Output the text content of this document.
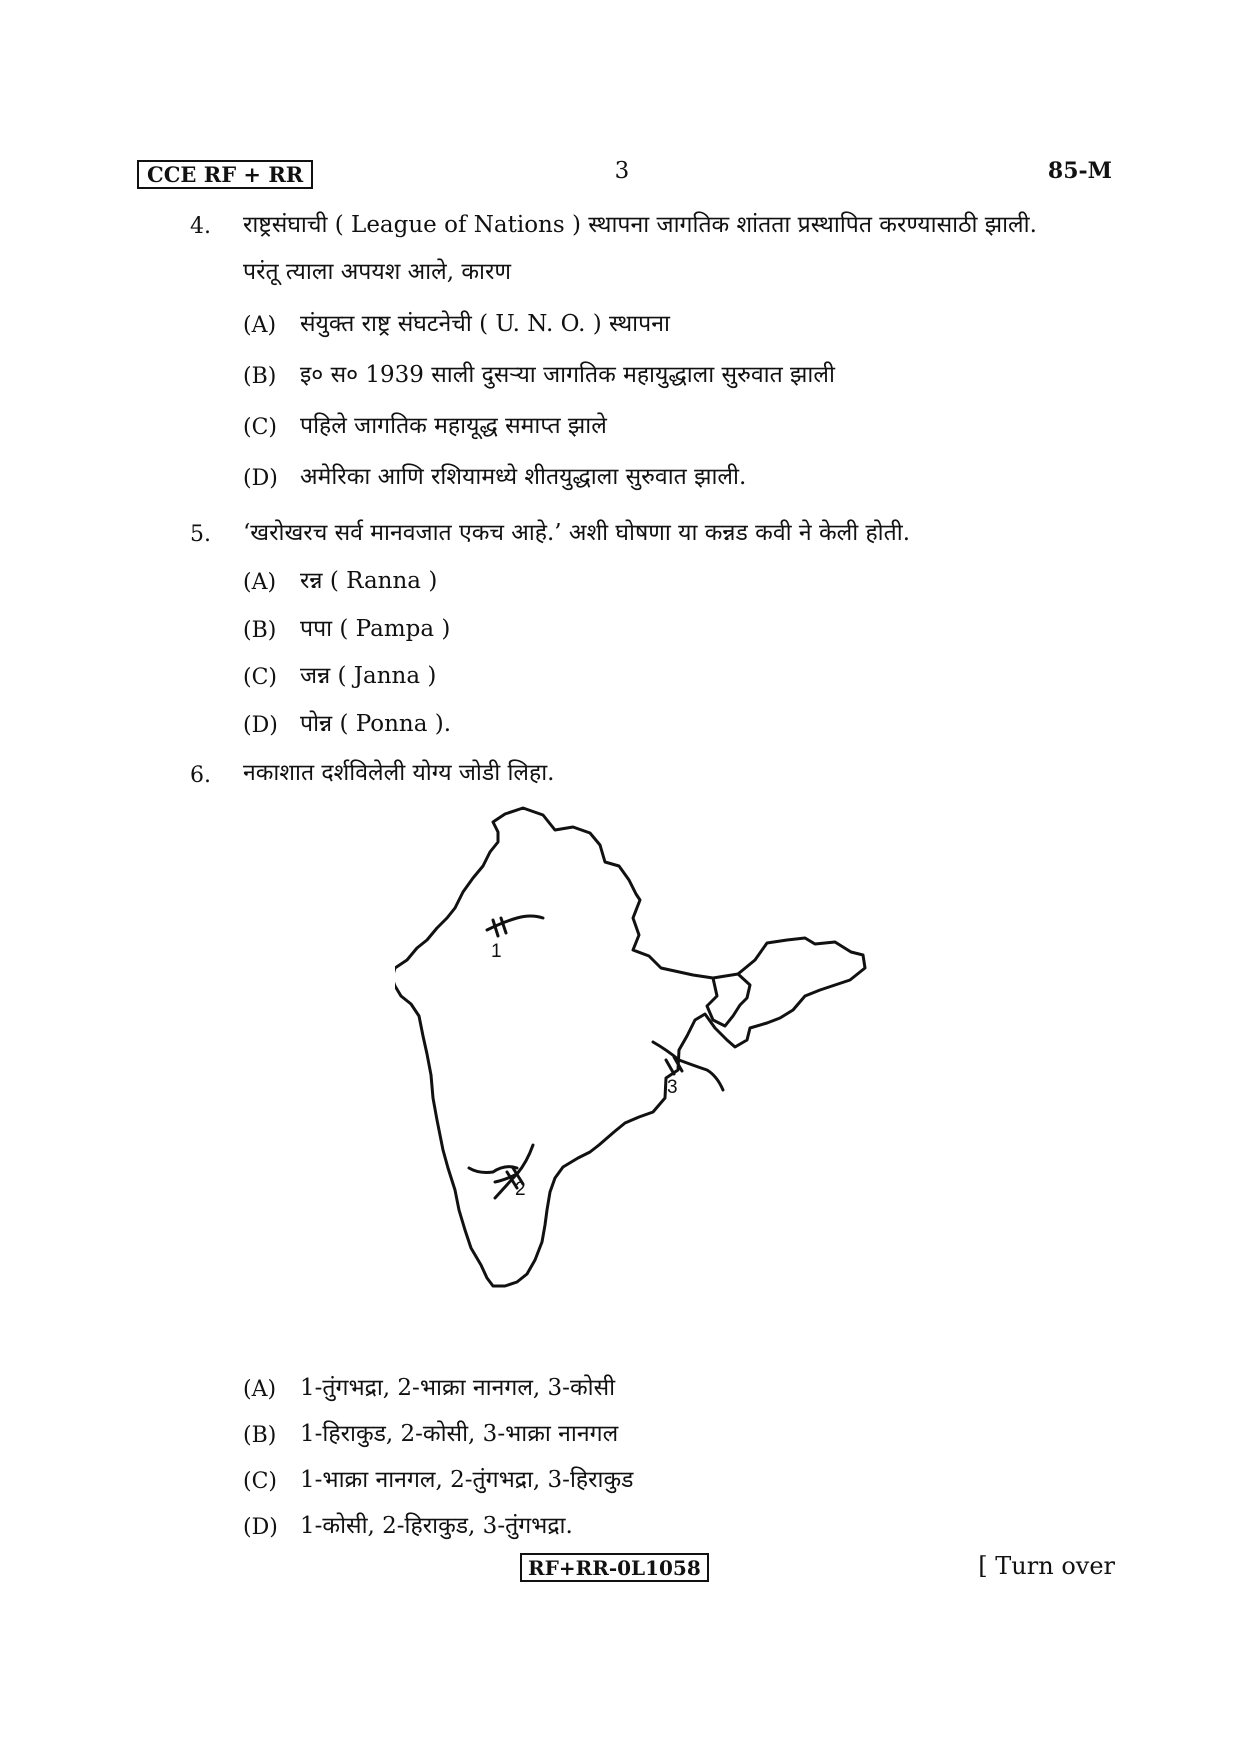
CCE RF + RR	3	85-M
4. राष्ट्रसंघाची ( League of Nations ) स्थापना जागतिक शांतता प्रस्थापित करण्यासाठी झाली.
परंतू त्याला अपयश आले, कारण
(A) संयुक्त राष्ट्र संघटनेची ( U. N. O. ) स्थापना
(B) इ० स० 1939 साली दुसऱ्या जागतिक महायुद्धाला सुरुवात झाली
(C) पहिले जागतिक महायूद्ध समाप्त झाले
(D) अमेरिका आणि रशियामध्ये शीतयुद्धाला सुरुवात झाली.
5. ‘खरोखरच सर्व मानवजात एकच आहे.’ अशी घोषणा या कन्नड कवी ने केली होती.
(A) रन्न ( Ranna )
(B) पपा ( Pampa )
(C) जन्न ( Janna )
(D) पोन्न ( Ponna ).
6. नकाशात दर्शविलेली योग्य जोडी लिहा.
1
2
3
(A) 1-तुंगभद्रा, 2-भाक्रा नानगल, 3-कोसी
(B) 1-हिराकुड, 2-कोसी, 3-भाक्रा नानगल
(C) 1-भाक्रा नानगल, 2-तुंगभद्रा, 3-हिराकुड
(D) 1-कोसी, 2-हिराकुड, 3-तुंगभद्रा.
RF+RR-0L1058	[ Turn over
